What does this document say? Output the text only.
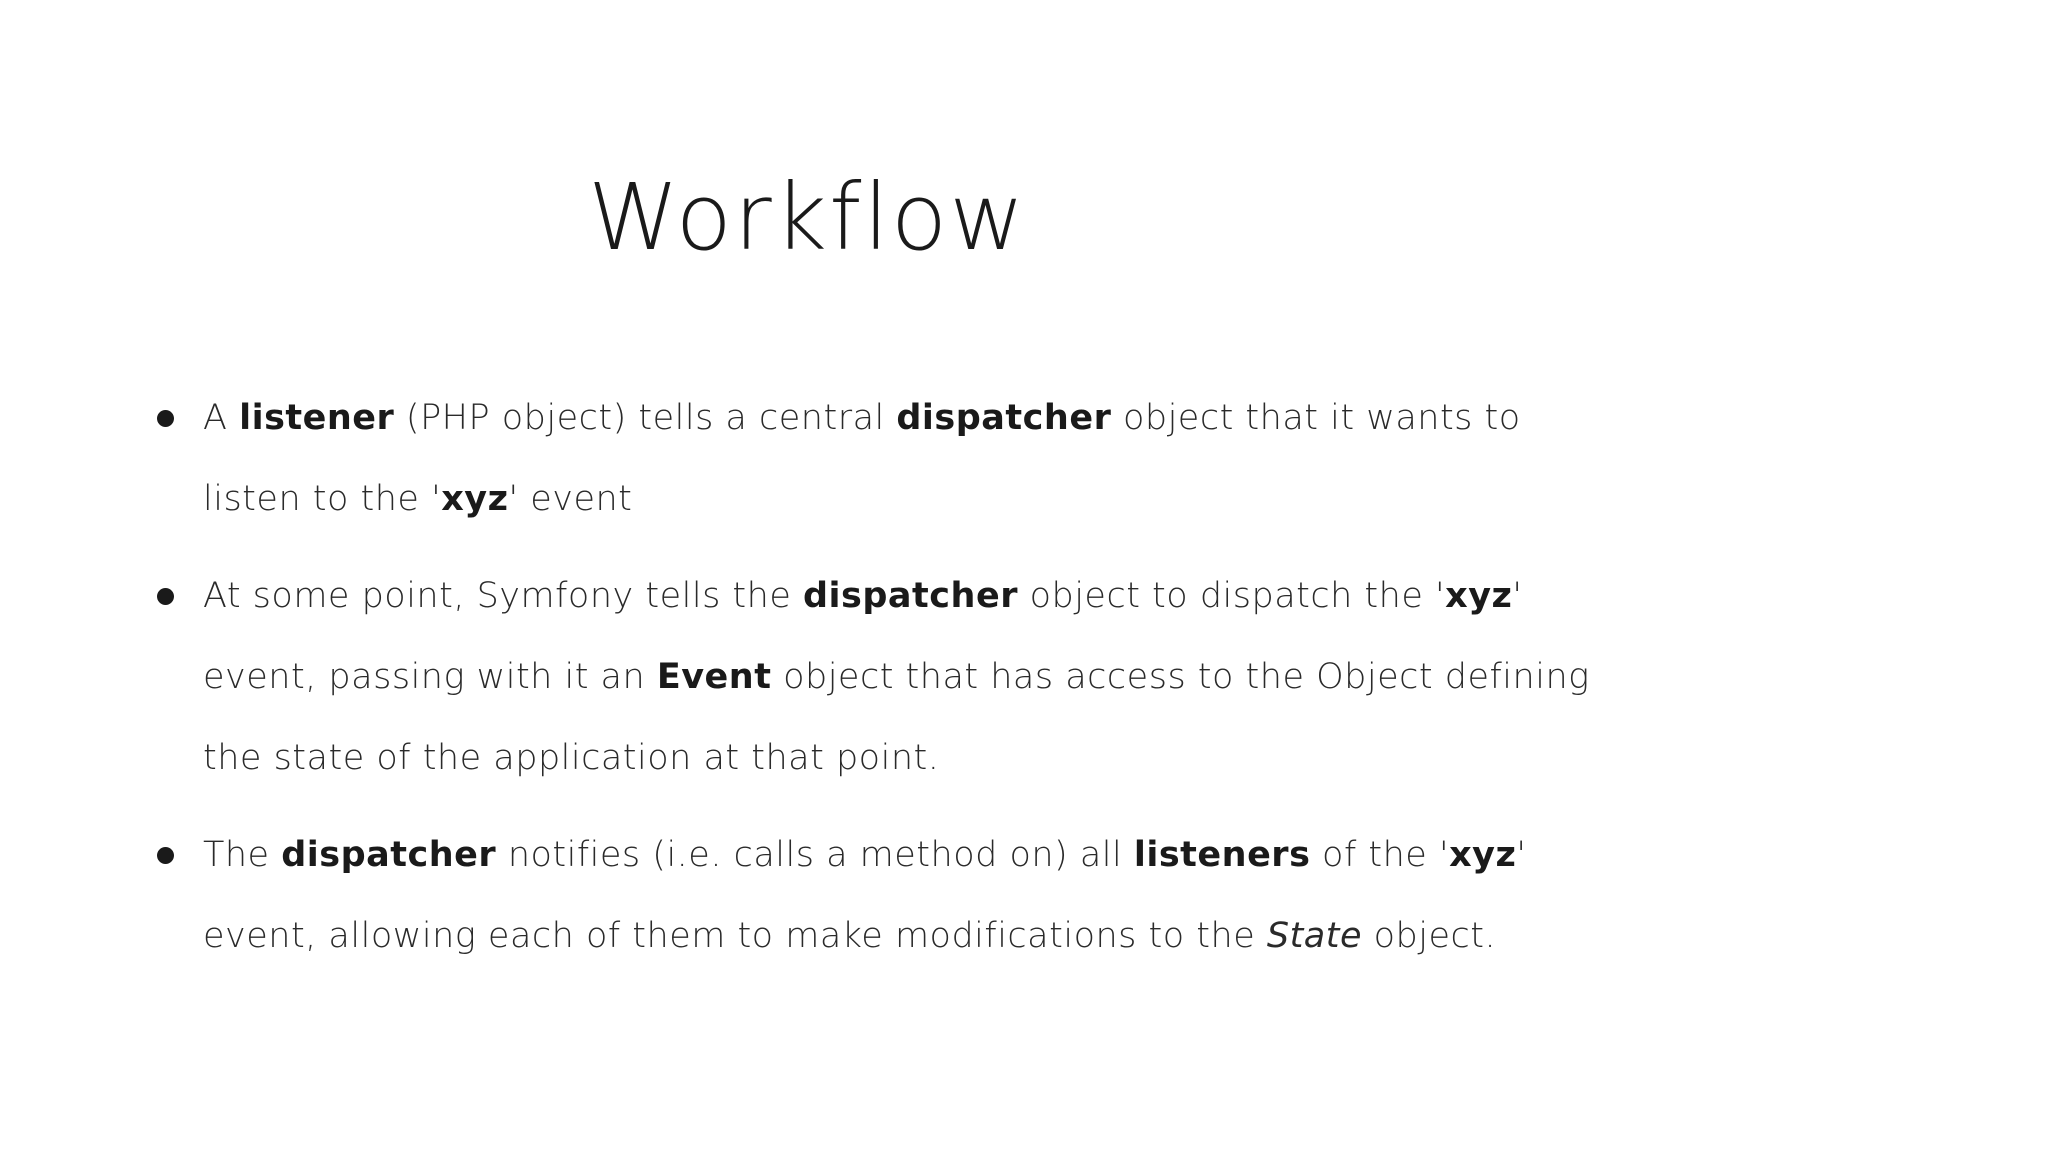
Workflow
A listener (PHP object) tells a central dispatcher object that it wants to listen to the 'xyz' event
At some point, Symfony tells the dispatcher object to dispatch the 'xyz' event, passing with it an Event object that has access to the Object defining the state of the application at that point.
The dispatcher notifies (i.e. calls a method on) all listeners of the 'xyz' event, allowing each of them to make modifications to the State object.
